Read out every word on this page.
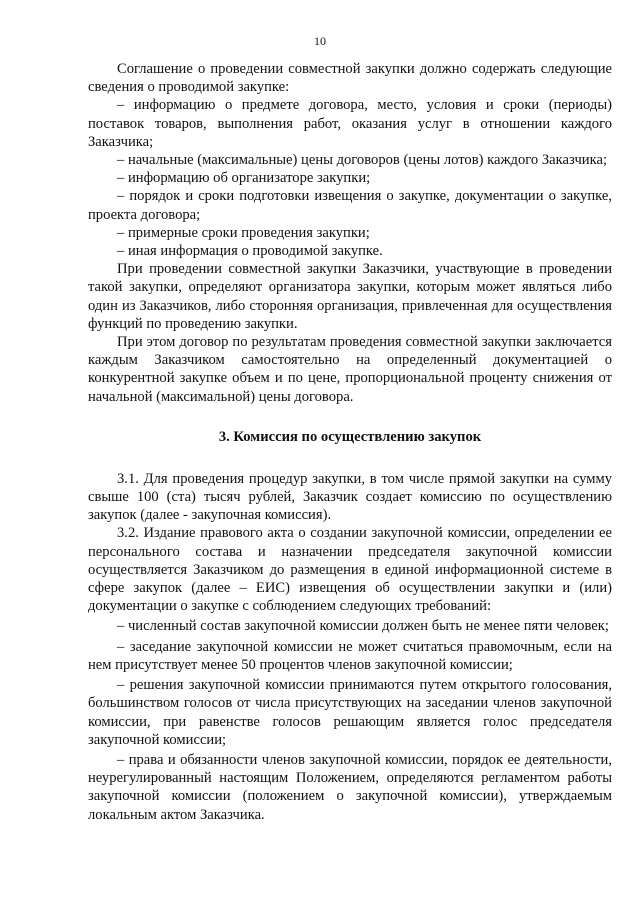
10

Соглашение о проведении совместной закупки должно содержать следующие сведения о проводимой закупке:

– информацию о предмете договора, место, условия и сроки (периоды) поставок товаров, выполнения работ, оказания услуг в отношении каждого Заказчика;

– начальные (максимальные) цены договоров (цены лотов) каждого Заказчика;

– информацию об организаторе закупки;

– порядок и сроки подготовки извещения о закупке, документации о закупке, проекта договора;

– примерные сроки проведения закупки;

– иная информация о проводимой закупке.

При проведении совместной закупки Заказчики, участвующие в проведении такой закупки, определяют организатора закупки, которым может являться либо один из Заказчиков, либо сторонняя организация, привлеченная для осуществления функций по проведению закупки.

При этом договор по результатам проведения совместной закупки заключается каждым Заказчиком самостоятельно на определенный документацией о конкурентной закупке объем и по цене, пропорциональной проценту снижения от начальной (максимальной) цены договора.

3. Комиссия по осуществлению закупок

3.1. Для проведения процедур закупки, в том числе прямой закупки на сумму свыше 100 (ста) тысяч рублей, Заказчик создает комиссию по осуществлению закупок (далее - закупочная комиссия).

3.2. Издание правового акта о создании закупочной комиссии, определении ее персонального состава и назначении председателя закупочной комиссии осуществляется Заказчиком до размещения в единой информационной системе в сфере закупок (далее – ЕИС) извещения об осуществлении закупки и (или) документации о закупке с соблюдением следующих требований:

– численный состав закупочной комиссии должен быть не менее пяти человек;

– заседание закупочной комиссии не может считаться правомочным, если на нем присутствует менее 50 процентов членов закупочной комиссии;

– решения закупочной комиссии принимаются путем открытого голосования, большинством голосов от числа присутствующих на заседании членов закупочной комиссии, при равенстве голосов решающим является голос председателя закупочной комиссии;

– права и обязанности членов закупочной комиссии, порядок ее деятельности, неурегулированный настоящим Положением, определяются регламентом работы закупочной комиссии (положением о закупочной комиссии), утверждаемым локальным актом Заказчика.
